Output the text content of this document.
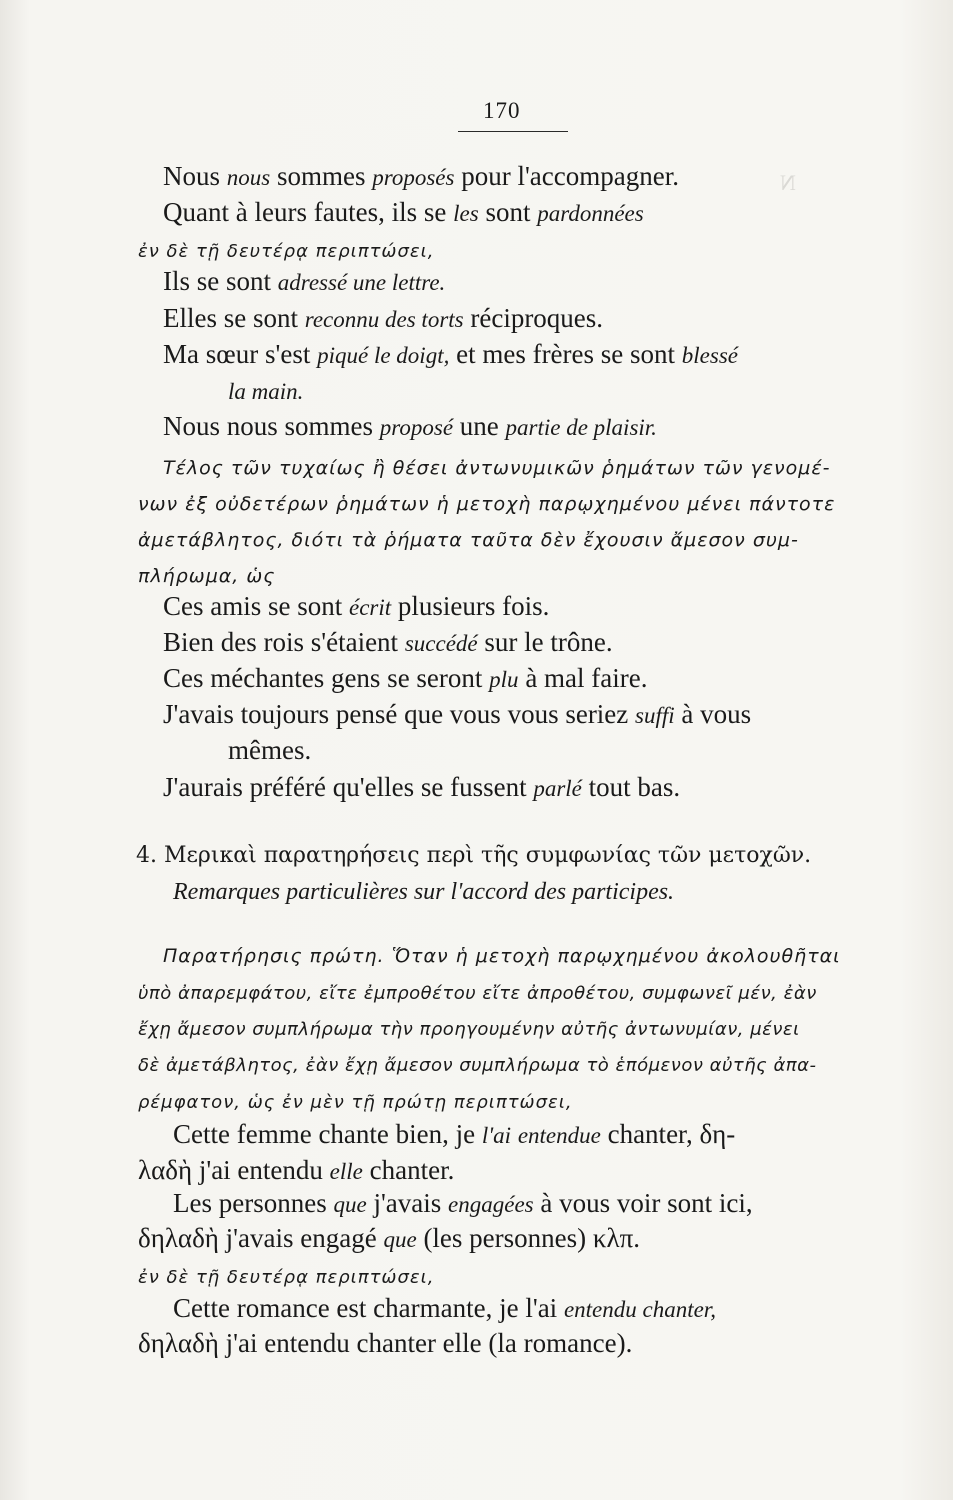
N
170
Nous nous sommes proposés pour l'accompagner.
Quant à leurs fautes, ils se les sont pardonnées
ἐν δὲ τῇ δευτέρᾳ περιπτώσει,
Ils se sont adressé une lettre.
Elles se sont reconnu des torts réciproques.
Ma sœur s'est piqué le doigt, et mes frères se sont blessé
la main.
Nous nous sommes proposé une partie de plaisir.
Τέλος τῶν τυχαίως ἢ θέσει ἀντωνυμικῶν ῥημάτων τῶν γενομέ-
νων ἐξ οὐδετέρων ῥημάτων ἡ μετοχὴ παρῳχημένου μένει πάντοτε
ἀμετάβλητος, διότι τὰ ῥήματα ταῦτα δὲν ἔχουσιν ἄμεσον συμ-
πλήρωμα, ὡς
Ces amis se sont écrit plusieurs fois.
Bien des rois s'étaient succédé sur le trône.
Ces méchantes gens se seront plu à mal faire.
J'avais toujours pensé que vous vous seriez suffi à vous
mêmes.
J'aurais préféré qu'elles se fussent parlé tout bas.
4. Μερικαὶ παρατηρήσεις περὶ τῆς συμφωνίας τῶν μετοχῶν.
Remarques particulières sur l'accord des participes.
Παρατήρησις πρώτη. Ὅταν ἡ μετοχὴ παρῳχημένου ἀκολουθῆται
ὑπὸ ἀπαρεμφάτου, εἴτε ἐμπροθέτου εἴτε ἀπροθέτου, συμφωνεῖ μέν, ἐὰν
ἔχῃ ἄμεσον συμπλήρωμα τὴν προηγουμένην αὐτῆς ἀντωνυμίαν, μένει
δὲ ἀμετάβλητος, ἐὰν ἔχῃ ἄμεσον συμπλήρωμα τὸ ἑπόμενον αὐτῆς ἀπα-
ρέμφατον, ὡς ἐν μὲν τῇ πρώτῃ περιπτώσει,
Cette femme chante bien, je l'ai entendue chanter, δη-
λαδὴ j'ai entendu elle chanter.
Les personnes que j'avais engagées à vous voir sont ici,
δηλαδὴ j'avais engagé que (les personnes) κλπ.
ἐν δὲ τῇ δευτέρᾳ περιπτώσει,
Cette romance est charmante, je l'ai entendu chanter,
δηλαδὴ j'ai entendu chanter elle (la romance).
